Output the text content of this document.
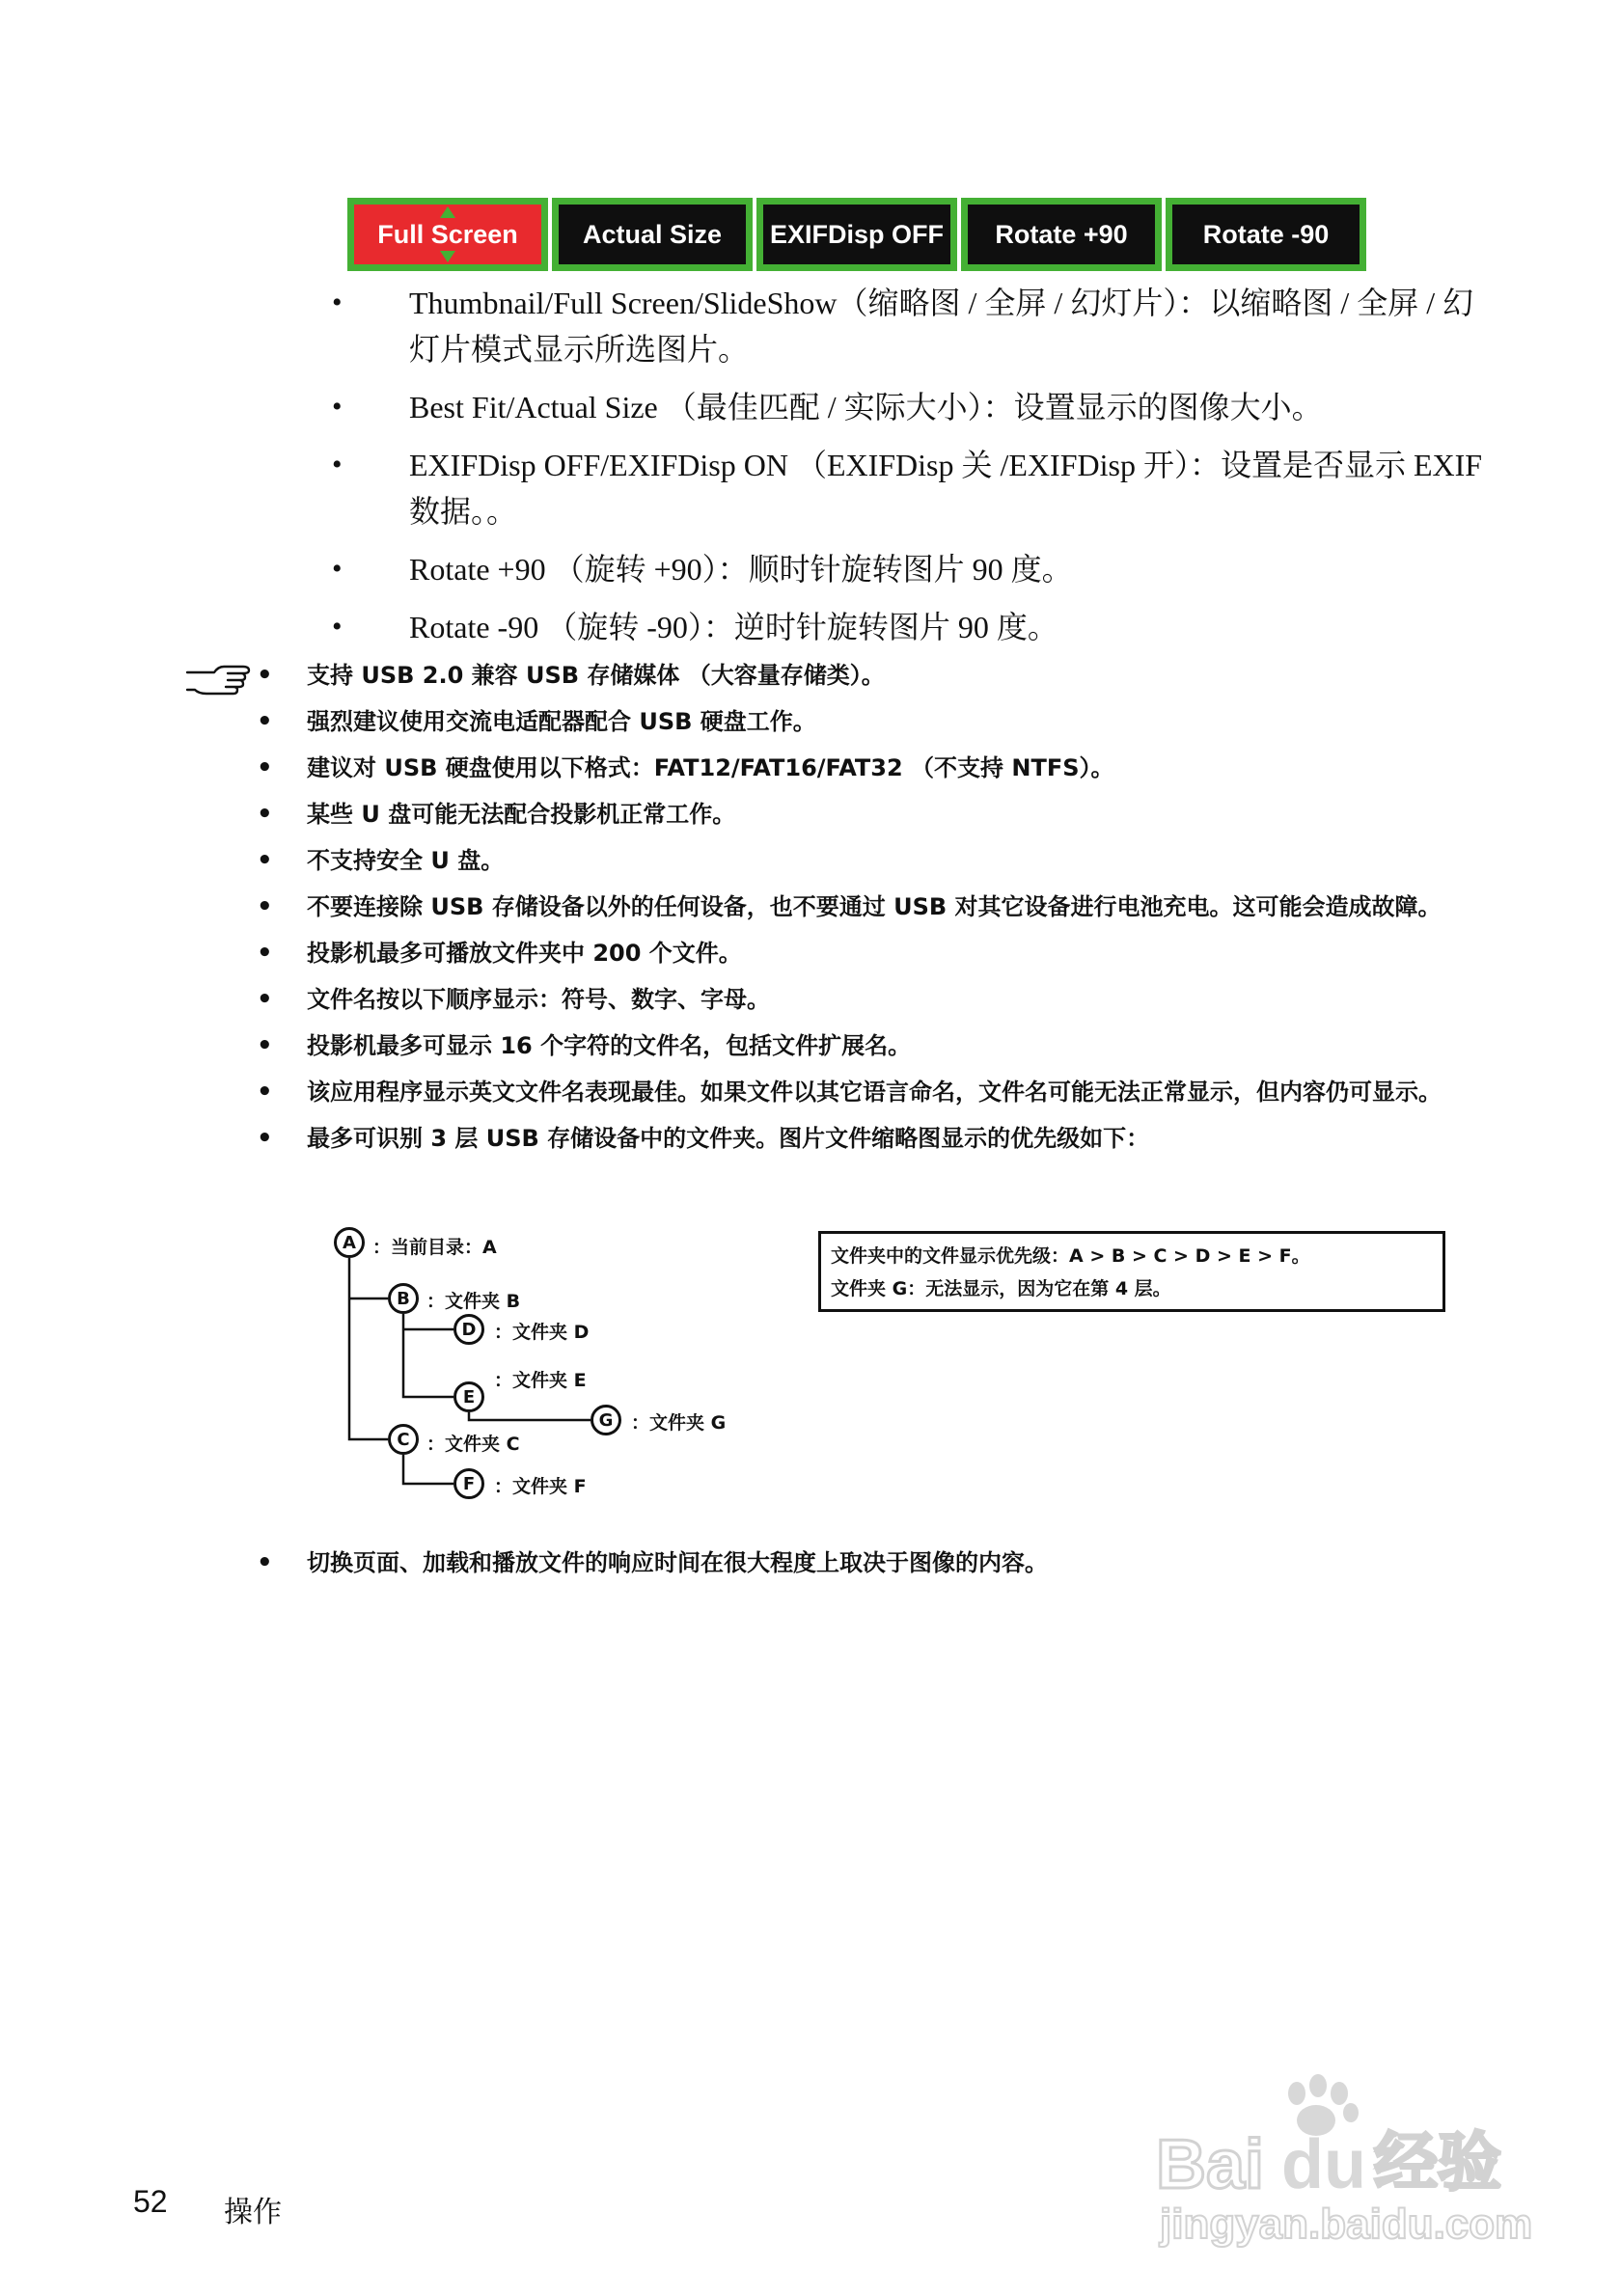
Full Screen Actual Size EXIFDisp OFF Rotate +90	Rotate -90
• Thumbnail/Full Screen/SlideShow（缩略图 / 全屏 / 幻灯片）：以缩略图 / 全屏 / 幻灯片模式显示所选图片。
• Best Fit/Actual Size （最佳匹配 / 实际大小）：设置显示的图像大小。
• EXIFDisp OFF/EXIFDisp ON （EXIFDisp 关 /EXIFDisp 开）：设置是否显示 EXIF 数据。。
• Rotate +90 （旋转 +90）：顺时针旋转图片 90 度。
• Rotate -90 （旋转 -90）：逆时针旋转图片 90 度。
• 支持 USB 2.0 兼容 USB 存储媒体 （大容量存储类）。
• 强烈建议使用交流电适配器配合 USB 硬盘工作。
• 建议对 USB 硬盘使用以下格式：FAT12/FAT16/FAT32 （不支持 NTFS）。
• 某些 U 盘可能无法配合投影机正常工作。
• 不支持安全 U 盘。
• 不要连接除 USB 存储设备以外的任何设备，也不要通过 USB 对其它设备进行电池充电。这可能会造成故障。
• 投影机最多可播放文件夹中 200 个文件。
• 文件名按以下顺序显示：符号、数字、字母。
• 投影机最多可显示 16 个字符的文件名，包括文件扩展名。
• 该应用程序显示英文文件名表现最佳。如果文件以其它语言命名，文件名可能无法正常显示，但内容仍可显示。
• 最多可识别 3 层 USB 存储设备中的文件夹。图片文件缩略图显示的优先级如下：
A ：当前目录：A
B ：文件夹 B
D ：文件夹 D
E
：文件夹 E
G ：文件夹 G
C ：文件夹 C
F	：文件夹 F
文件夹中的文件显示优先级：A > B > C > D > E > F。
文件夹 G：无法显示，因为它在第 4 层。
• 切换页面、加载和播放文件的响应时间在很大程度上取决于图像的内容。
52 操作
Bai du 经验
jingyan.baidu.com
